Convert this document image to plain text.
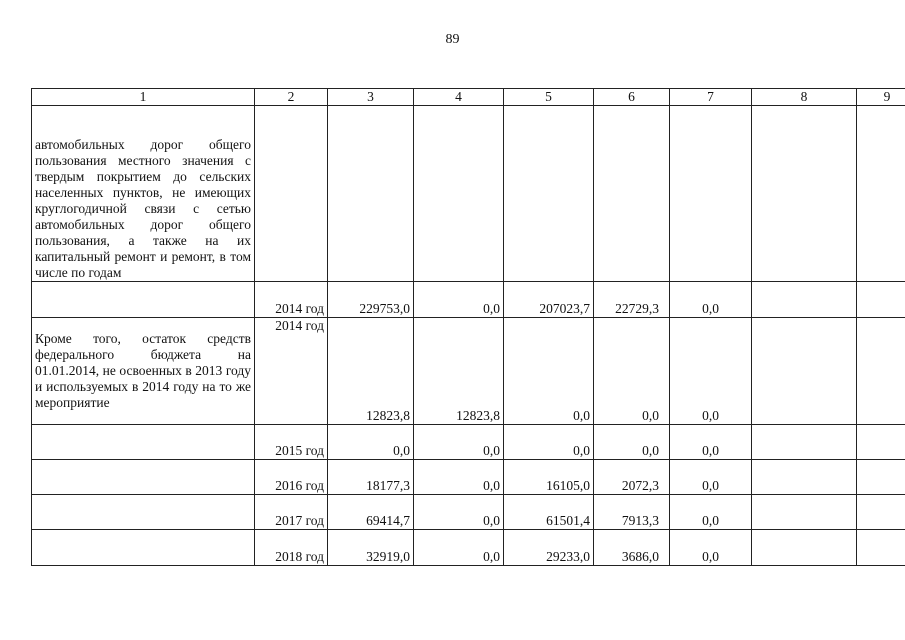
89
1	2	3	4	5	6	7	8	9
автомобильных дорог общего пользования местного значения с твердым покрытием до сельских населенных пунктов, не имеющих круглогодичной связи с сетью автомобильных дорог общего пользования, а также на их капитальный ремонт и ремонт, в том числе по годам								
	2014 год	229753,0	0,0	207023,7	22729,3	0,0		
Кроме того, остаток средств федерального бюджета на 01.01.2014, не освоенных в 2013 году и используемых в 2014 году на то же мероприятие	2014 год	12823,8	12823,8	0,0	0,0	0,0		
	2015 год	0,0	0,0	0,0	0,0	0,0		
	2016 год	18177,3	0,0	16105,0	2072,3	0,0		
	2017 год	69414,7	0,0	61501,4	7913,3	0,0		
	2018 год	32919,0	0,0	29233,0	3686,0	0,0		
